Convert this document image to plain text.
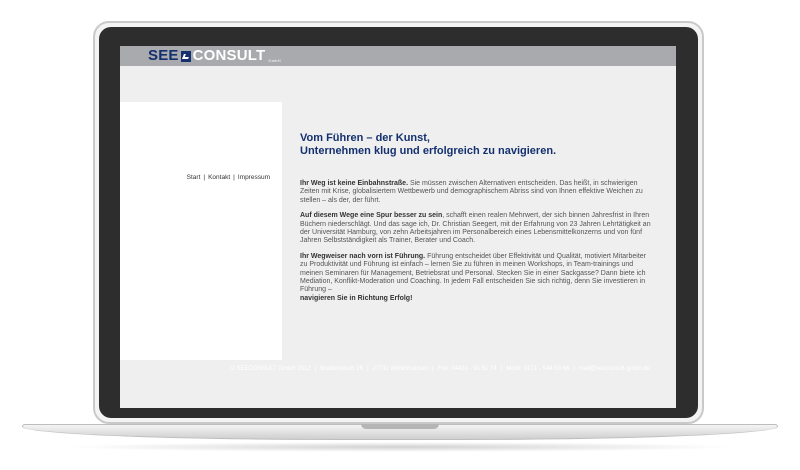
SEE CONSULT GmbH
Start | Kontakt | Impressum
Vom Führen – der Kunst,
Unternehmen klug und erfolgreich zu navigieren.

Ihr Weg ist keine Einbahnstraße. Sie müssen zwischen Alternativen entscheiden. Das heißt, in schwierigen Zeiten mit Krise, globalisiertem Wettbewerb und demographischem Abriss sind von Ihnen effektive Weichen zu stellen – als der, der führt.

Auf diesem Wege eine Spur besser zu sein, schafft einen realen Mehrwert, der sich binnen Jahresfrist in Ihren Büchern niederschlägt. Und das sage ich, Dr. Christian Seegert, mit der Erfahrung von 23 Jahren Lehrtätigkeit an der Universität Hamburg, von zehn Arbeitsjahren im Personalbereich eines Lebensmittelkonzerns und von fünf Jahren Selbstständigkeit als Trainer, Berater und Coach.

Ihr Wegweiser nach vorn ist Führung. Führung entscheidet über Effektivität und Qualität, motiviert Mitarbeiter zu Produktivität und Führung ist einfach – lernen Sie zu führen in meinen Workshops, in Team-trainings und meinen Seminaren für Management, Betriebsrat und Personal. Stecken Sie in einer Sackgasse? Dann biete ich Mediation, Konflikt-Moderation und Coaching. In jedem Fall entscheiden Sie sich richtig, denn Sie investieren in Führung –
navigieren Sie in Richtung Erfolg!

© SEECONSULT GmbH 2012 | Bredenwisch 16 | 27711 Wildeshausen | Fon: 04431 - 91 61 74 | Mobil: 0171 - 544 03 66 | mail@seeconsult-gmbh.de
